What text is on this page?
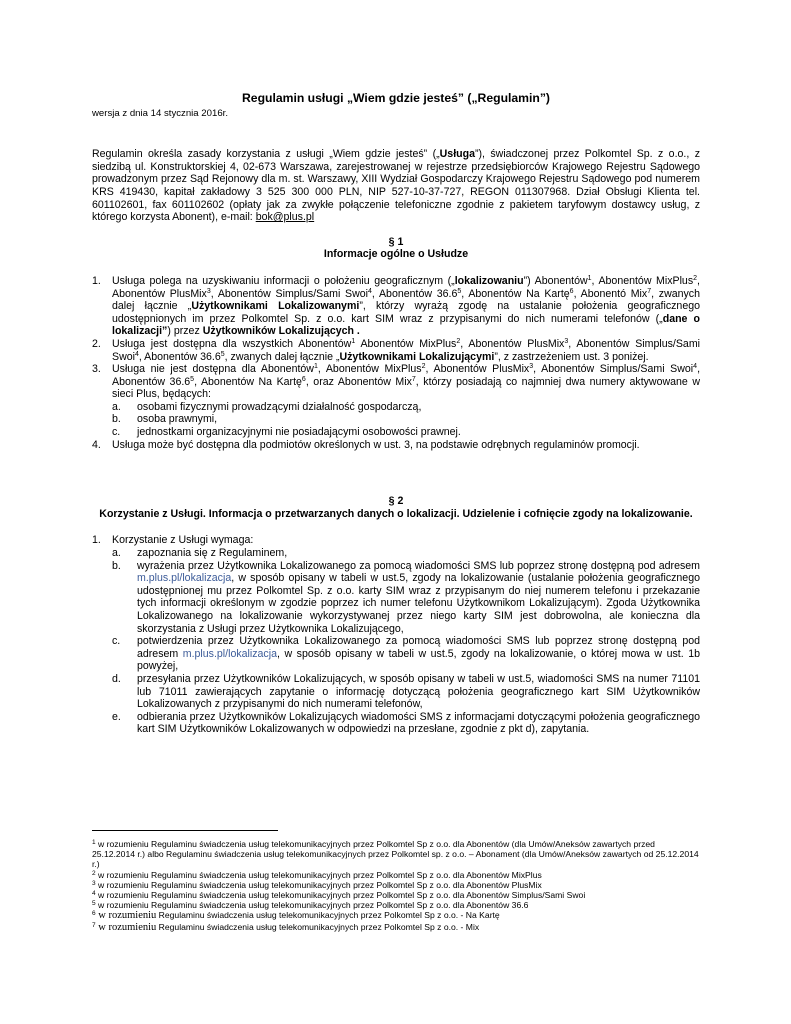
Regulamin usługi „Wiem gdzie jesteś” („Regulamin”)
wersja z dnia 14 stycznia 2016r.
Regulamin określa zasady korzystania z usługi „Wiem gdzie jesteś” („Usługa”), świadczonej przez Polkomtel Sp. z o.o., z siedzibą ul. Konstruktorskiej 4, 02-673 Warszawa, zarejestrowanej w rejestrze przedsiębiorców Krajowego Rejestru Sądowego prowadzonym przez Sąd Rejonowy dla m. st. Warszawy, XIII Wydział Gospodarczy Krajowego Rejestru Sądowego pod numerem KRS 419430, kapitał zakładowy 3 525 300 000 PLN, NIP 527-10-37-727, REGON 011307968. Dział Obsługi Klienta tel. 601102601, fax 601102602 (opłaty jak za zwykłe połączenie telefoniczne zgodnie z pakietem taryfowym dostawcy usług, z którego korzysta Abonent), e-mail: bok@plus.pl
§ 1
Informacje ogólne o Usłudze
1. Usługa polega na uzyskiwaniu informacji o położeniu geograficznym („lokalizowaniu”) Abonentów$^1$, Abonentów MixPlus$^2$, Abonentów PlusMix$^3$, Abonentów Simplus/Sami Swoi$^4$, Abonentów 36.6$^5$, Abonentów Na Kartę$^6$, Abonentó Mix$^7$, zwanych dalej łącznie „Użytkownikami Lokalizowanymi”, którzy wyrażą zgodę na ustalanie położenia geograficznego udostępnionych im przez Polkomtel Sp. z o.o. kart SIM wraz z przypisanymi do nich numerami telefonów („dane o lokalizacji”) przez Użytkowników Lokalizujących .
2. Usługa jest dostępna dla wszystkich Abonentów$^1$ Abonentów MixPlus$^2$, Abonentów PlusMix$^3$, Abonentów Simplus/Sami Swoi$^4$, Abonentów 36.6$^5$, zwanych dalej łącznie „Użytkownikami Lokalizującymi”, z zastrzeżeniem ust. 3 poniżej.
3. Usługa nie jest dostępna dla Abonentów$^1$, Abonentów MixPlus$^2$, Abonentów PlusMix$^3$, Abonentów Simplus/Sami Swoi$^4$, Abonentów 36.6$^5$, Abonentów Na Kartę$^6$, oraz Abonentów Mix$^7$, którzy posiadają co najmniej dwa numery aktywowane w sieci Plus, będących:
a. osobami fizycznymi prowadzącymi działalność gospodarczą,
b. osoba prawnymi,
c. jednostkami organizacyjnymi nie posiadającymi osobowości prawnej.
4. Usługa może być dostępna dla podmiotów określonych w ust. 3, na podstawie odrębnych regulaminów promocji.
§ 2
Korzystanie z Usługi. Informacja o przetwarzanych danych o lokalizacji. Udzielenie i cofnięcie zgody na lokalizowanie.
1. Korzystanie z Usługi wymaga:
a. zapoznania się z Regulaminem,
b. wyrażenia przez Użytkownika Lokalizowanego za pomocą wiadomości SMS lub poprzez stronę dostępną pod adresem m.plus.pl/lokalizacja, w sposób opisany w tabeli w ust.5, zgody na lokalizowanie (ustalanie położenia geograficznego udostępnionej mu przez Polkomtel Sp. z o.o. karty SIM wraz z przypisanym do niej numerem telefonu i przekazanie tych informacji określonym w zgodzie poprzez ich numer telefonu Użytkownikom Lokalizującym). Zgoda Użytkownika Lokalizowanego na lokalizowanie wykorzystywanej przez niego karty SIM jest dobrowolna, ale konieczna dla skorzystania z Usługi przez Użytkownika Lokalizującego,
c. potwierdzenia przez Użytkownika Lokalizowanego za pomocą wiadomości SMS lub poprzez stronę dostępną pod adresem m.plus.pl/lokalizacja, w sposób opisany w tabeli w ust.5, zgody na lokalizowanie, o której mowa w ust. 1b powyżej,
d. przesyłania przez Użytkowników Lokalizujących, w sposób opisany w tabeli w ust.5, wiadomości SMS na numer 71101 lub 71011 zawierających zapytanie o informację dotyczącą położenia geograficznego kart SIM Użytkowników Lokalizowanych z przypisanymi do nich numerami telefonów,
e. odbierania przez Użytkowników Lokalizujących wiadomości SMS z informacjami dotyczącymi położenia geograficznego kart SIM Użytkowników Lokalizowanych w odpowiedzi na przesłane, zgodnie z pkt d), zapytania.

$^1$ w rozumieniu Regulaminu świadczenia usług telekomunikacyjnych przez Polkomtel Sp z o.o. dla Abonentów (dla Umów/Aneksów zawartych przed 25.12.2014 r.) albo Regulaminu świadczenia usług telekomunikacyjnych przez Polkomtel sp. z o.o. – Abonament (dla Umów/Aneksów zawartych od 25.12.2014 r.)

$^2$ w rozumieniu Regulaminu świadczenia usług telekomunikacyjnych przez Polkomtel Sp z o.o. dla Abonentów MixPlus

$^3$ w rozumieniu Regulaminu świadczenia usług telekomunikacyjnych przez Polkomtel Sp z o.o. dla Abonentów PlusMix

$^4$ w rozumieniu Regulaminu świadczenia usług telekomunikacyjnych przez Polkomtel Sp z o.o. dla Abonentów Simplus/Sami Swoi

$^5$ w rozumieniu Regulaminu świadczenia usług telekomunikacyjnych przez Polkomtel Sp z o.o. dla Abonentów 36.6

$^6$ w rozumieniu Regulaminu świadczenia usług telekomunikacyjnych przez Polkomtel Sp z o.o. - Na Kartę

$^7$ w rozumieniu Regulaminu świadczenia usług telekomunikacyjnych przez Polkomtel Sp z o.o. - Mix
